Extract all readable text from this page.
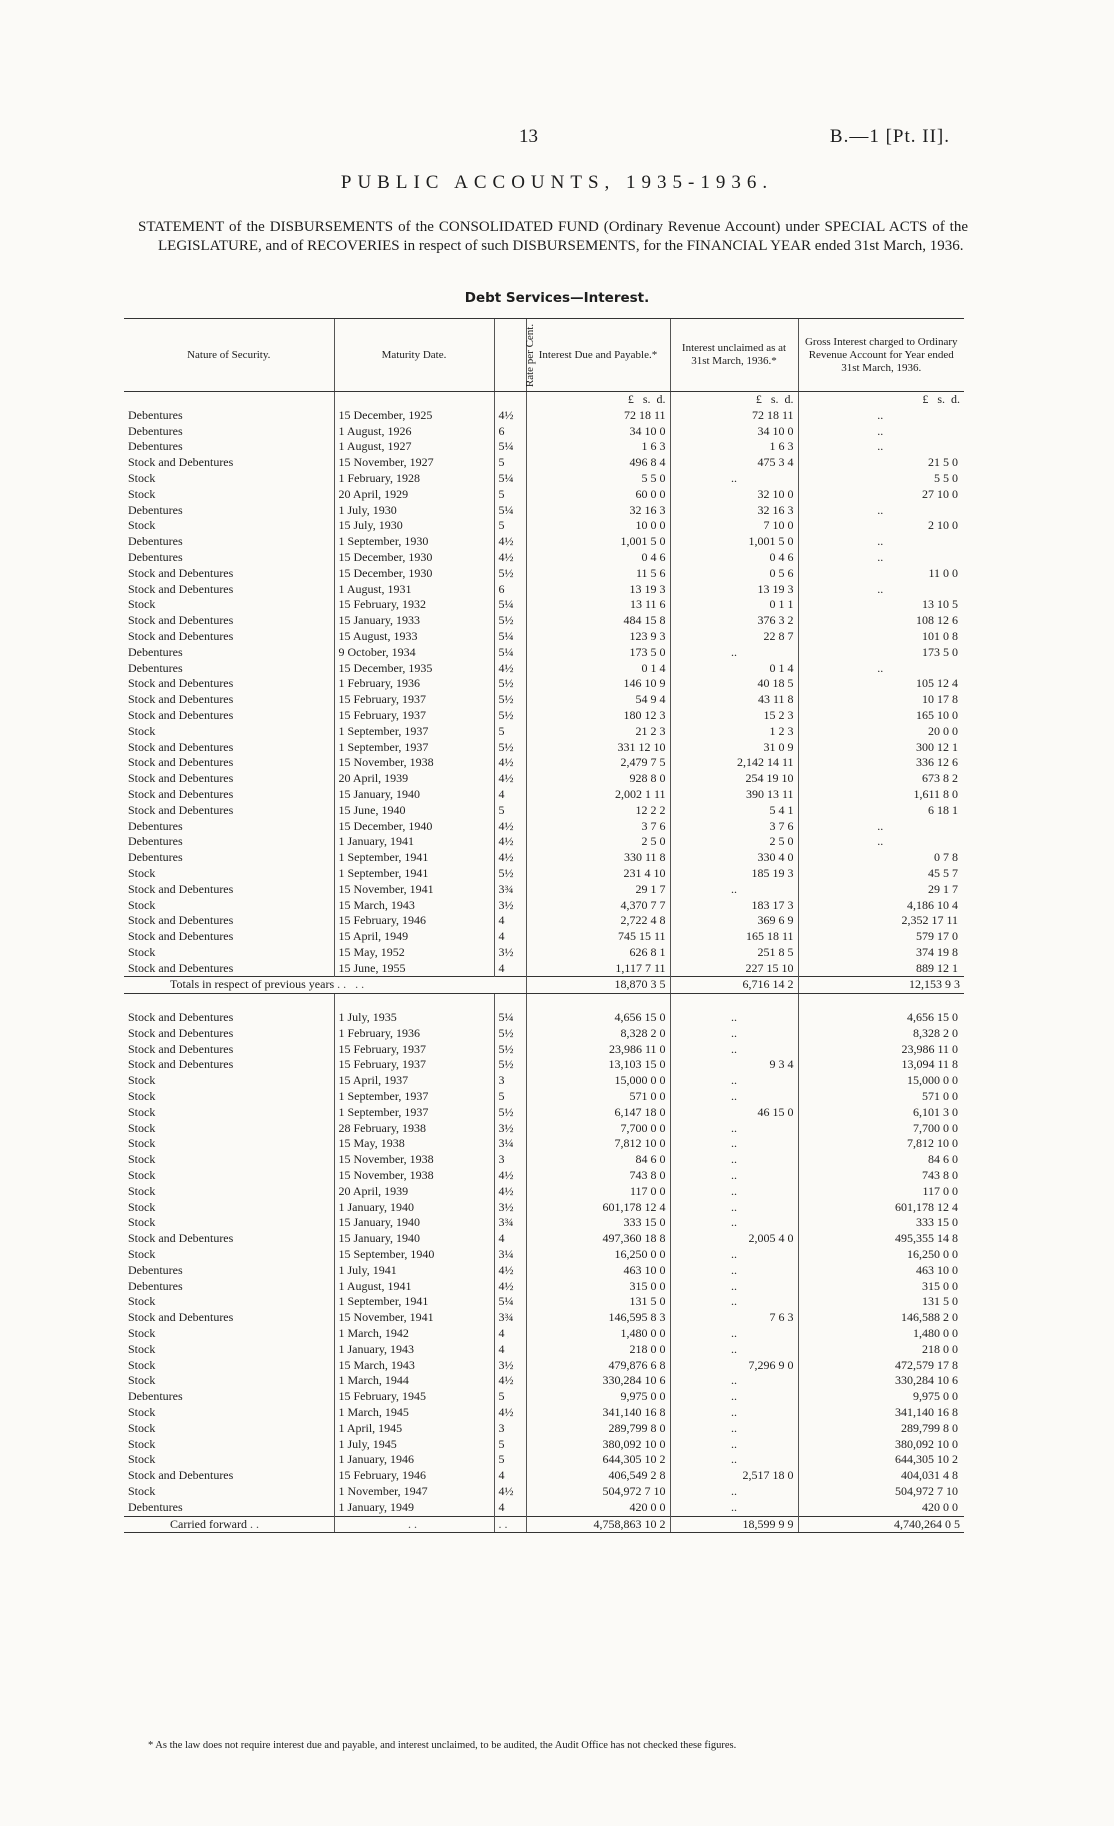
13	B.—1 [Pt. II].
PUBLIC ACCOUNTS, 1935-1936.
STATEMENT of the DISBURSEMENTS of the CONSOLIDATED FUND (Ordinary Revenue Account) under SPECIAL ACTS of the LEGISLATURE, and of RECOVERIES in respect of such DISBURSEMENTS, for the FINANCIAL YEAR ended 31st March, 1936.
Debt Services—Interest.
Nature of Security.	Maturity Date.	Rate per Cent.	Interest Due and Payable.*	Interest unclaimed as at 31st March, 1936.*	Gross Interest charged to Ordinary Revenue Account for Year ended 31st March, 1936.
			£ s. d.	£ s. d.	£ s. d.
Debentures	15 December, 1925	4½	72 18 11	72 18 11	..
Debentures	1 August, 1926	6	34 10 0	34 10 0	..
Debentures	1 August, 1927	5¼	1 6 3	1 6 3	..
Stock and Debentures	15 November, 1927	5	496 8 4	475 3 4	21 5 0
Stock	1 February, 1928	5¼	5 5 0	..	5 5 0
Stock	20 April, 1929	5	60 0 0	32 10 0	27 10 0
Debentures	1 July, 1930	5¼	32 16 3	32 16 3	..
Stock	15 July, 1930	5	10 0 0	7 10 0	2 10 0
Debentures	1 September, 1930	4½	1,001 5 0	1,001 5 0	..
Debentures	15 December, 1930	4½	0 4 6	0 4 6	..
Stock and Debentures	15 December, 1930	5½	11 5 6	0 5 6	11 0 0
Stock and Debentures	1 August, 1931	6	13 19 3	13 19 3	..
Stock	15 February, 1932	5¼	13 11 6	0 1 1	13 10 5
Stock and Debentures	15 January, 1933	5½	484 15 8	376 3 2	108 12 6
Stock and Debentures	15 August, 1933	5¼	123 9 3	22 8 7	101 0 8
Debentures	9 October, 1934	5¼	173 5 0	..	173 5 0
Debentures	15 December, 1935	4½	0 1 4	0 1 4	..
Stock and Debentures	1 February, 1936	5½	146 10 9	40 18 5	105 12 4
Stock and Debentures	15 February, 1937	5½	54 9 4	43 11 8	10 17 8
Stock and Debentures	15 February, 1937	5½	180 12 3	15 2 3	165 10 0
Stock	1 September, 1937	5	21 2 3	1 2 3	20 0 0
Stock and Debentures	1 September, 1937	5½	331 12 10	31 0 9	300 12 1
Stock and Debentures	15 November, 1938	4½	2,479 7 5	2,142 14 11	336 12 6
Stock and Debentures	20 April, 1939	4½	928 8 0	254 19 10	673 8 2
Stock and Debentures	15 January, 1940	4	2,002 1 11	390 13 11	1,611 8 0
Stock and Debentures	15 June, 1940	5	12 2 2	5 4 1	6 18 1
Debentures	15 December, 1940	4½	3 7 6	3 7 6	..
Debentures	1 January, 1941	4½	2 5 0	2 5 0	..
Debentures	1 September, 1941	4½	330 11 8	330 4 0	0 7 8
Stock	1 September, 1941	5½	231 4 10	185 19 3	45 5 7
Stock and Debentures	15 November, 1941	3¾	29 1 7	..	29 1 7
Stock	15 March, 1943	3½	4,370 7 7	183 17 3	4,186 10 4
Stock and Debentures	15 February, 1946	4	2,722 4 8	369 6 9	2,352 17 11
Stock and Debentures	15 April, 1949	4	745 15 11	165 18 11	579 17 0
Stock	15 May, 1952	3½	626 8 1	251 8 5	374 19 8
Stock and Debentures	15 June, 1955	4	1,117 7 11	227 15 10	889 12 1
Totals in respect of previous years .. ..			18,870 3 5	6,716 14 2	12,153 9 3

Stock and Debentures	1 July, 1935	5¼	4,656 15 0	..	4,656 15 0
Stock and Debentures	1 February, 1936	5½	8,328 2 0	..	8,328 2 0
Stock and Debentures	15 February, 1937	5½	23,986 11 0	..	23,986 11 0
Stock and Debentures	15 February, 1937	5½	13,103 15 0	9 3 4	13,094 11 8
Stock	15 April, 1937	3	15,000 0 0	..	15,000 0 0
Stock	1 September, 1937	5	571 0 0	..	571 0 0
Stock	1 September, 1937	5½	6,147 18 0	46 15 0	6,101 3 0
Stock	28 February, 1938	3½	7,700 0 0	..	7,700 0 0
Stock	15 May, 1938	3¼	7,812 10 0	..	7,812 10 0
Stock	15 November, 1938	3	84 6 0	..	84 6 0
Stock	15 November, 1938	4½	743 8 0	..	743 8 0
Stock	20 April, 1939	4½	117 0 0	..	117 0 0
Stock	1 January, 1940	3½	601,178 12 4	..	601,178 12 4
Stock	15 January, 1940	3¾	333 15 0	..	333 15 0
Stock and Debentures	15 January, 1940	4	497,360 18 8	2,005 4 0	495,355 14 8
Stock	15 September, 1940	3¼	16,250 0 0	..	16,250 0 0
Debentures	1 July, 1941	4½	463 10 0	..	463 10 0
Debentures	1 August, 1941	4½	315 0 0	..	315 0 0
Stock	1 September, 1941	5¼	131 5 0	..	131 5 0
Stock and Debentures	15 November, 1941	3¾	146,595 8 3	7 6 3	146,588 2 0
Stock	1 March, 1942	4	1,480 0 0	..	1,480 0 0
Stock	1 January, 1943	4	218 0 0	..	218 0 0
Stock	15 March, 1943	3½	479,876 6 8	7,296 9 0	472,579 17 8
Stock	1 March, 1944	4½	330,284 10 6	..	330,284 10 6
Debentures	15 February, 1945	5	9,975 0 0	..	9,975 0 0
Stock	1 March, 1945	4½	341,140 16 8	..	341,140 16 8
Stock	1 April, 1945	3	289,799 8 0	..	289,799 8 0
Stock	1 July, 1945	5	380,092 10 0	..	380,092 10 0
Stock	1 January, 1946	5	644,305 10 2	..	644,305 10 2
Stock and Debentures	15 February, 1946	4	406,549 2 8	2,517 18 0	404,031 4 8
Stock	1 November, 1947	4½	504,972 7 10	..	504,972 7 10
Debentures	1 January, 1949	4	420 0 0	..	420 0 0
Carried forward ..	..	..	4,758,863 10 2	18,599 9 9	4,740,264 0 5
* As the law does not require interest due and payable, and interest unclaimed, to be audited, the Audit Office has not checked these figures.
